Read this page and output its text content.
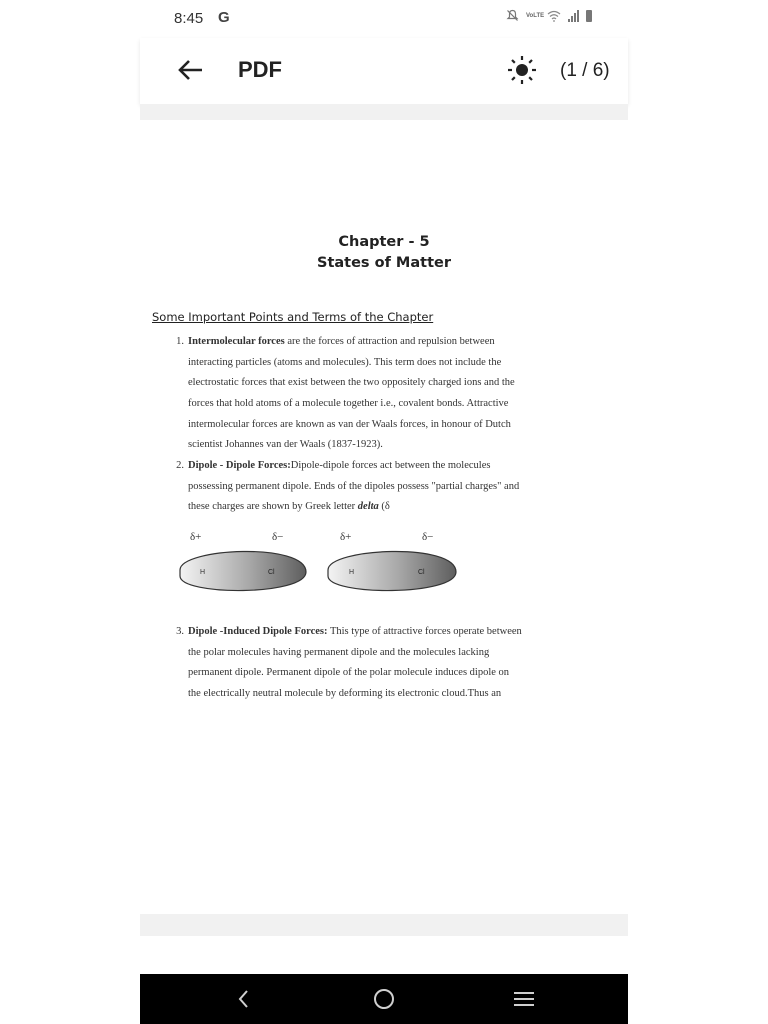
8:45 G	VoLTE
PDF	(1 / 6)
Chapter - 5
States of Matter
Some Important Points and Terms of the Chapter
1. Intermolecular forces are the forces of attraction and repulsion between
interacting particles (atoms and molecules). This term does not include the
electrostatic forces that exist between the two oppositely charged ions and the
forces that hold atoms of a molecule together i.e., covalent bonds. Attractive
intermolecular forces are known as van der Waals forces, in honour of Dutch
scientist Johannes van der Waals (1837-1923).
2. Dipole - Dipole Forces:Dipole-dipole forces act between the molecules
possessing permanent dipole. Ends of the dipoles possess "partial charges" and
these charges are shown by Greek letter delta (δ
δ+	δ−
H	Cl
δ+	δ−
H	Cl
3. Dipole -Induced Dipole Forces: This type of attractive forces operate between
the polar molecules having permanent dipole and the molecules lacking
permanent dipole. Permanent dipole of the polar molecule induces dipole on
the electrically neutral molecule by deforming its electronic cloud.Thus an
